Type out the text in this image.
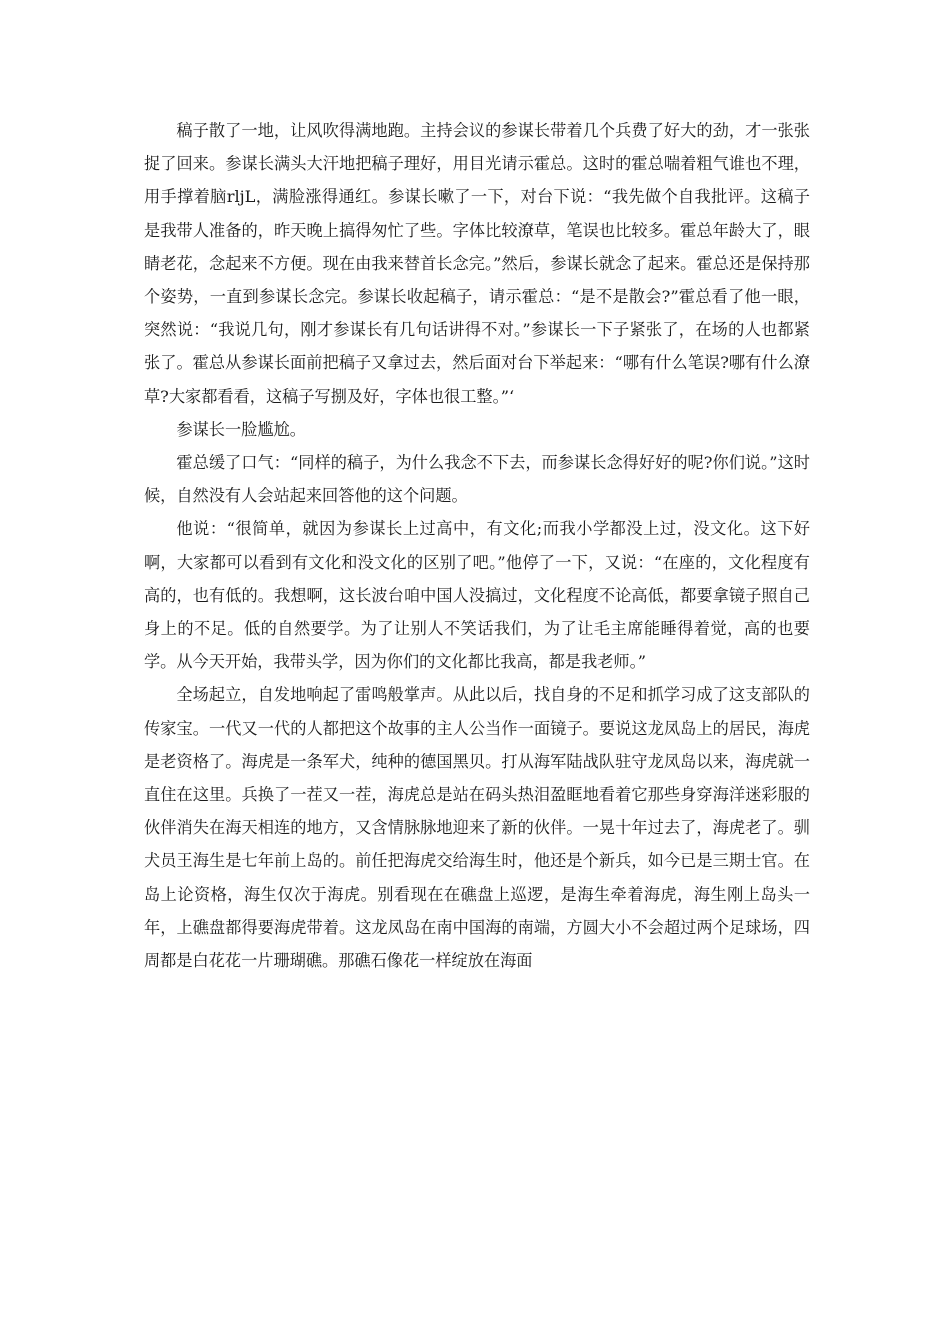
稿子散了一地，让风吹得满地跑。主持会议的参谋长带着几个兵费了好大的劲，才一张张捉了回来。参谋长满头大汗地把稿子理好，用目光请示霍总。这时的霍总喘着粗气谁也不理，用手撑着脑rljL，满脸涨得通红。参谋长嗽了一下，对台下说：“我先做个自我批评。这稿子是我带人准备的，昨天晚上搞得匆忙了些。字体比较潦草，笔误也比较多。霍总年龄大了，眼睛老花，念起来不方便。现在由我来替首长念完。”然后，参谋长就念了起来。霍总还是保持那个姿势，一直到参谋长念完。参谋长收起稿子，请示霍总：“是不是散会?”霍总看了他一眼，突然说：“我说几句，刚才参谋长有几句话讲得不对。”参谋长一下子紧张了，在场的人也都紧张了。霍总从参谋长面前把稿子又拿过去，然后面对台下举起来：“哪有什么笔误?哪有什么潦草?大家都看看，这稿子写捌及好，字体也很工整。”‘

参谋长一脸尴尬。

霍总缓了口气：“同样的稿子，为什么我念不下去，而参谋长念得好好的呢?你们说。”这时候，自然没有人会站起来回答他的这个问题。

他说：“很简单，就因为参谋长上过高中，有文化;而我小学都没上过，没文化。这下好啊，大家都可以看到有文化和没文化的区别了吧。”他停了一下，又说：“在座的，文化程度有高的，也有低的。我想啊，这长波台咱中国人没搞过，文化程度不论高低，都要拿镜子照自己身上的不足。低的自然要学。为了让别人不笑话我们，为了让毛主席能睡得着觉，高的也要学。从今天开始，我带头学，因为你们的文化都比我高，都是我老师。”

全场起立，自发地响起了雷鸣般掌声。从此以后，找自身的不足和抓学习成了这支部队的传家宝。一代又一代的人都把这个故事的主人公当作一面镜子。要说这龙凤岛上的居民，海虎是老资格了。海虎是一条军犬，纯种的德国黑贝。打从海军陆战队驻守龙凤岛以来，海虎就一直住在这里。兵换了一茬又一茬，海虎总是站在码头热泪盈眶地看着它那些身穿海洋迷彩服的伙伴消失在海天相连的地方，又含情脉脉地迎来了新的伙伴。一晃十年过去了，海虎老了。驯犬员王海生是七年前上岛的。前任把海虎交给海生时，他还是个新兵，如今已是三期士官。在岛上论资格，海生仅次于海虎。别看现在在礁盘上巡逻，是海生牵着海虎，海生刚上岛头一年，上礁盘都得要海虎带着。这龙凤岛在南中国海的南端，方圆大小不会超过两个足球场，四周都是白花花一片珊瑚礁。那礁石像花一样绽放在海面
